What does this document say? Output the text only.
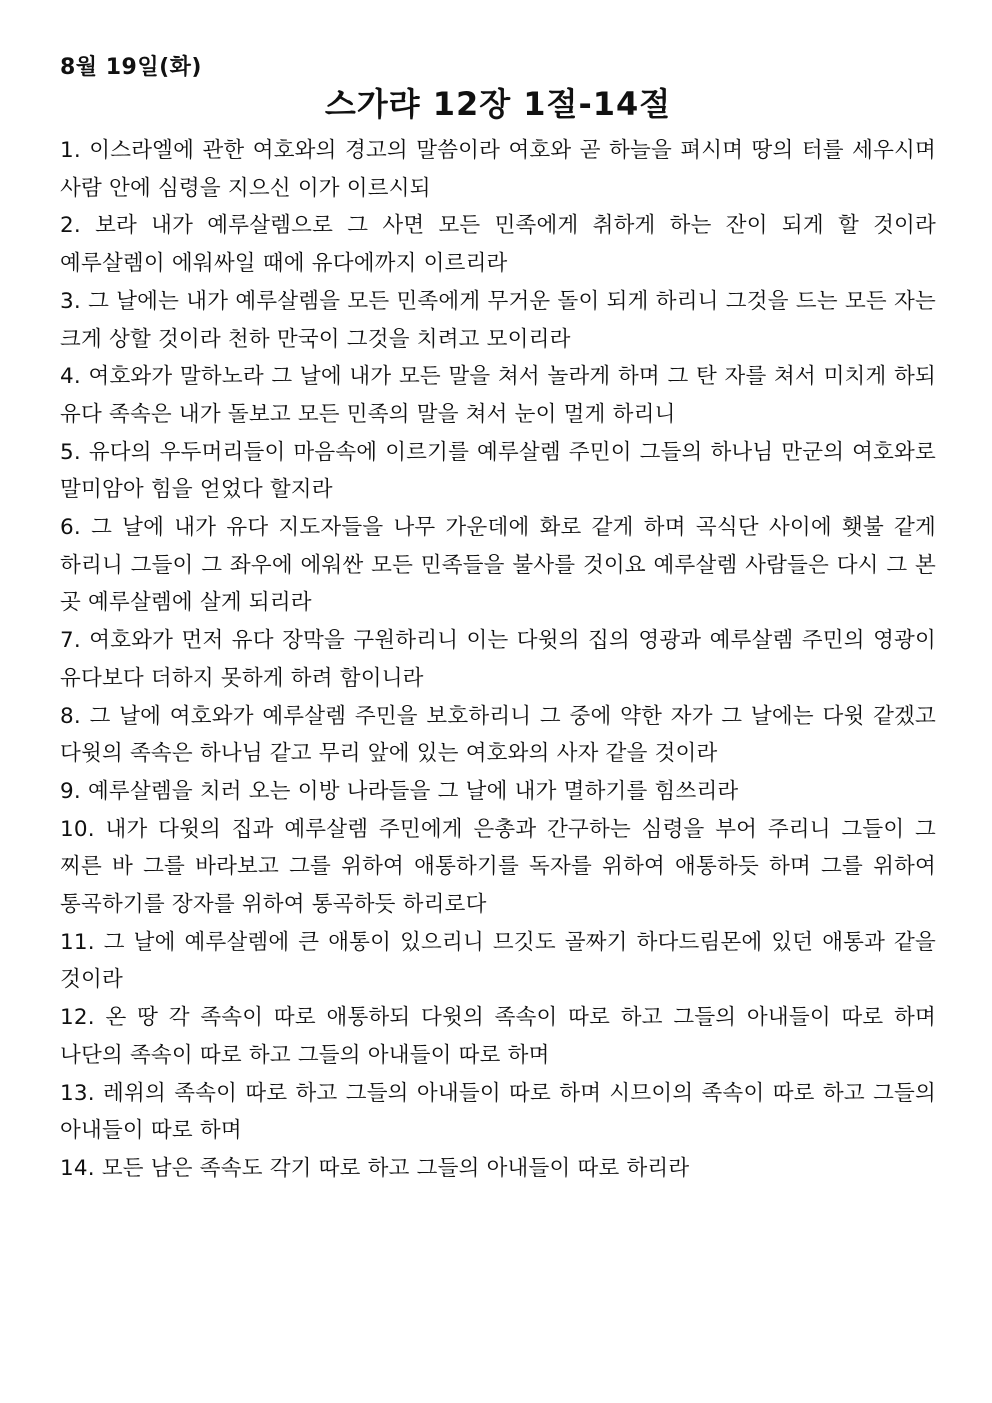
8월 19일(화)
스가랴 12장 1절-14절
1. 이스라엘에 관한 여호와의 경고의 말씀이라 여호와 곧 하늘을 펴시며 땅의 터를 세우시며 사람 안에 심령을 지으신 이가 이르시되
2. 보라 내가 예루살렘으로 그 사면 모든 민족에게 취하게 하는 잔이 되게 할 것이라 예루살렘이 에워싸일 때에 유다에까지 이르리라
3. 그 날에는 내가 예루살렘을 모든 민족에게 무거운 돌이 되게 하리니 그것을 드는 모든 자는 크게 상할 것이라 천하 만국이 그것을 치려고 모이리라
4. 여호와가 말하노라 그 날에 내가 모든 말을 쳐서 놀라게 하며 그 탄 자를 쳐서 미치게 하되 유다 족속은 내가 돌보고 모든 민족의 말을 쳐서 눈이 멀게 하리니
5. 유다의 우두머리들이 마음속에 이르기를 예루살렘 주민이 그들의 하나님 만군의 여호와로 말미암아 힘을 얻었다 할지라
6. 그 날에 내가 유다 지도자들을 나무 가운데에 화로 같게 하며 곡식단 사이에 횃불 같게 하리니 그들이 그 좌우에 에워싼 모든 민족들을 불사를 것이요 예루살렘 사람들은 다시 그 본 곳 예루살렘에 살게 되리라
7. 여호와가 먼저 유다 장막을 구원하리니 이는 다윗의 집의 영광과 예루살렘 주민의 영광이 유다보다 더하지 못하게 하려 함이니라
8. 그 날에 여호와가 예루살렘 주민을 보호하리니 그 중에 약한 자가 그 날에는 다윗 같겠고 다윗의 족속은 하나님 같고 무리 앞에 있는 여호와의 사자 같을 것이라
9. 예루살렘을 치러 오는 이방 나라들을 그 날에 내가 멸하기를 힘쓰리라
10. 내가 다윗의 집과 예루살렘 주민에게 은총과 간구하는 심령을 부어 주리니 그들이 그 찌른 바 그를 바라보고 그를 위하여 애통하기를 독자를 위하여 애통하듯 하며 그를 위하여 통곡하기를 장자를 위하여 통곡하듯 하리로다
11. 그 날에 예루살렘에 큰 애통이 있으리니 므깃도 골짜기 하다드림몬에 있던 애통과 같을 것이라
12. 온 땅 각 족속이 따로 애통하되 다윗의 족속이 따로 하고 그들의 아내들이 따로 하며 나단의 족속이 따로 하고 그들의 아내들이 따로 하며
13. 레위의 족속이 따로 하고 그들의 아내들이 따로 하며 시므이의 족속이 따로 하고 그들의 아내들이 따로 하며
14. 모든 남은 족속도 각기 따로 하고 그들의 아내들이 따로 하리라
